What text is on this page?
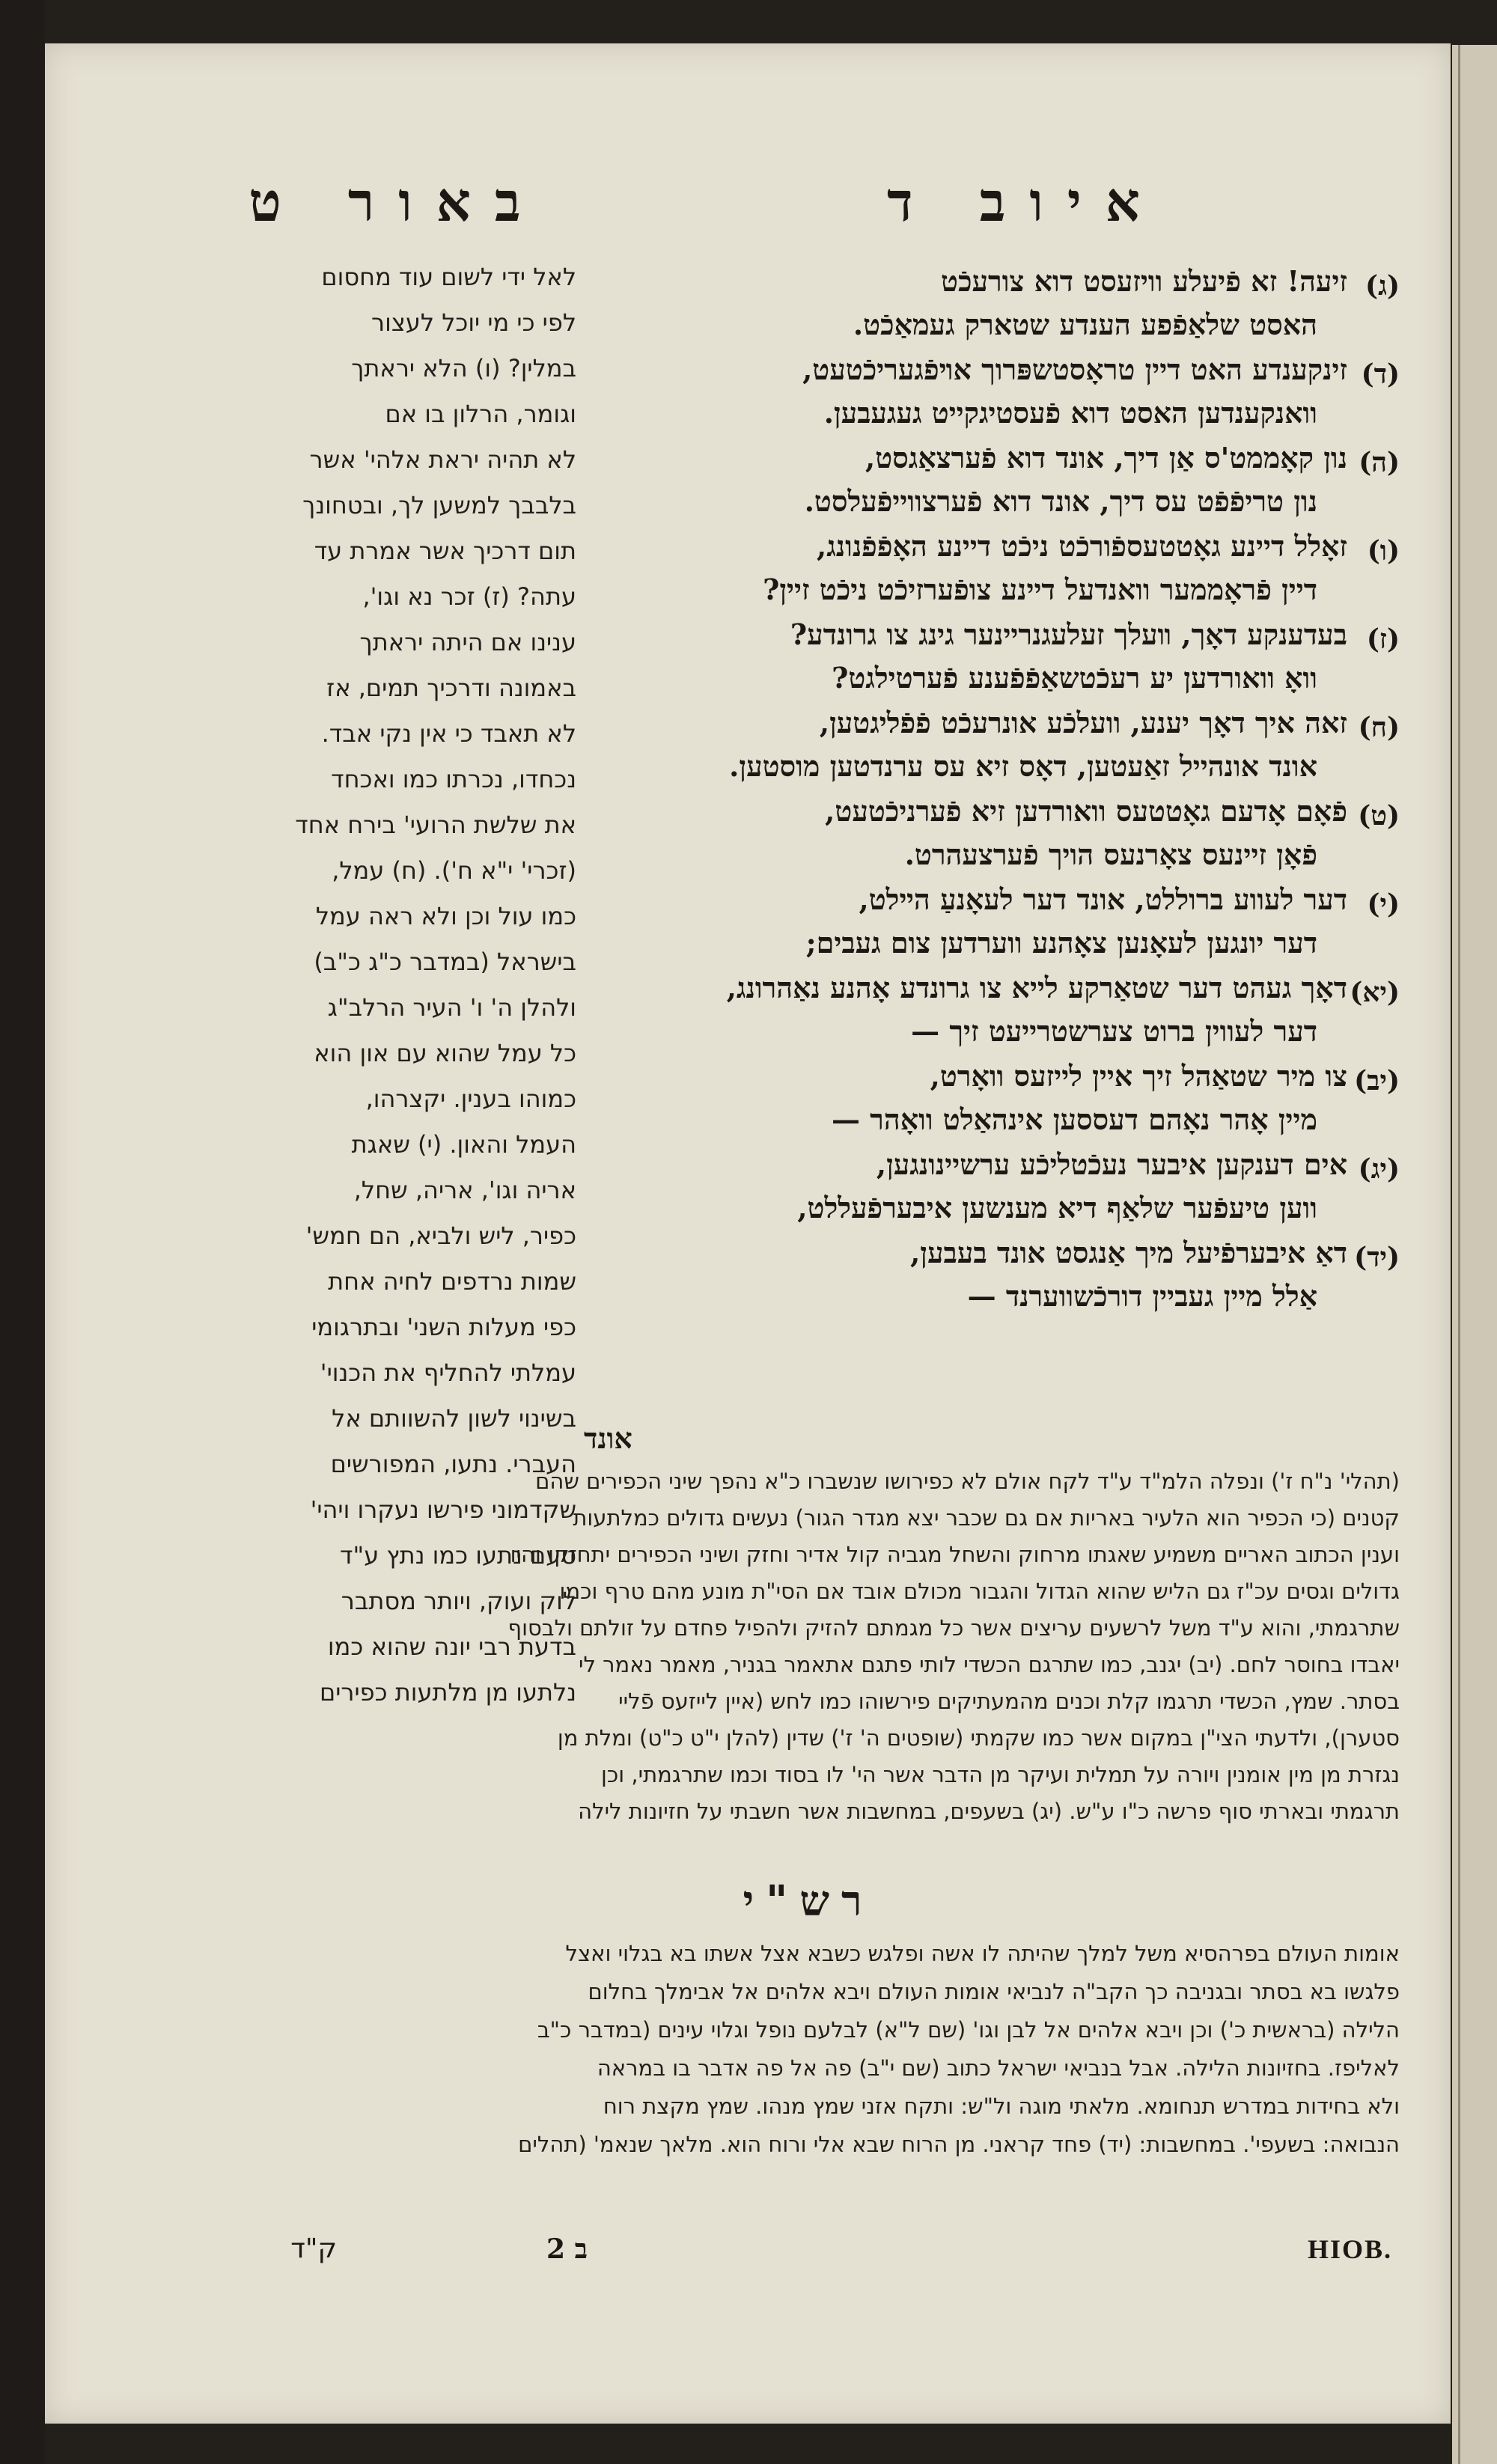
איוב ד
באור ט
(ג)
זיעה! זא פֿיעלע וויזעסט דוא צורעכֿט
האסט שלאַפֿפע הענדע שטארק געמאַכֿט.
(ד)
זינקענדע האט דיין טראָסטשפּרוך אױפֿגעריכֿטעט,
וואנקענדען האסט דוא פֿעסטיגקייט געגעבען.
(ה)
נון קאָממט'ס אַן דיך, אונד דוא פֿערצאַגסט,
נון טריפֿפֿט עס דיך, אונד דוא פֿערצווייפֿעלסט.
(ו)
זאָלל דיינע גאָטטעספֿורכֿט ניכֿט דיינע האָפֿפֿנונג,
דיין פֿראָממער וואנדעל דיינע צופֿערזיכֿט ניכֿט זיין?
(ז)
בעדענקע דאָך, װעלך זעלעגנריינער גינג צו גרונדע?
וואָ וואורדען יע רעכֿטשאַפֿפֿענע פֿערטילגט?
(ח)
זאה איך דאָך יענע, וועלכֿע אונרעכֿט פֿפֿליגטען,
אונד אונהייל זאַעטען, דאָס זיא עס ערנדטען מוסטען.
(ט)
פֿאָם אָדעם גאָטטעס וואורדען זיא פֿערניכֿטעט,
פֿאָן זיינעס צאָרנעס הויך פֿערצעהרט.
(י)
דער לעווע ברוללט, אונד דער לעאָנעַ הײלט,
דער יונגען לעאָנען צאָהנע ווערדען צום געבים;
(יא)
דאָך געהט דער שטאַרקע לייא צו גרונדע אָהנע נאַהרונג,
דער לעווין ברוט צערשטרייעט זיך —
(יב)
צו מיר שטאַהל זיך איין לייזעס וואָרט,
מיין אָהר נאָהם דעססען אינהאַלט וואָהר —
(יג)
אים דענקען איבער נעכֿטליכֿע ערשיינונגען,
ווען טיעפֿער שלאַף דיא מענשען איבערפֿעללט,
(יד)
דאַ איבערפֿיעל מיך אַנגסט אונד בעבען,
אַלל מיין געביין דורכֿשווערנד —
אונד
לאל ידי לשום עוד מחסום
לפי כי מי יוכל לעצור
במלין? (ו) הלא יראתך
וגומר, הרלון בו אם
לא תהיה יראת אלהי' אשר
בלבבך למשען לך, ובטחונך
תום דרכיך אשר אמרת עד
עתה? (ז) זכר נא וגו',
ענינו אם היתה יראתך
באמונה ודרכיך תמים, אז
לא תאבד כי אין נקי אבד.
נכחדו, נכרתו כמו ואכחד
את שלשת הרועי' בירח אחד
(זכרי' י"א ח'). (ח) עמל,
כמו עול וכן ולא ראה עמל
בישראל (במדבר כ"ג כ"ב)
ולהלן ה' ו' העיר הרלב"ג
כל עמל שהוא עם און הוא
כמוהו בענין. יקצרהו,
העמל והאון. (י) שאגת
אריה וגו', אריה, שחל,
כפיר, ליש ולביא, הם חמש'
שמות נרדפים לחיה אחת
כפי מעלות השני' ובתרגומי
עמלתי להחליף את הכנוי'
בשינוי לשון להשוותם אל
העברי. נתעו, המפורשים
שקדמוני פירשו נעקרו ויהי'
טעם נתעו כמו נתץ ע"ד
לוק ועוק, ויותר מסתבר
בדעת רבי יונה שהוא כמו
נלתעו מן מלתעות כפירים
(תהלי' נ"ח ז') ונפלה הלמ"ד ע"ד לקח אולם לא כפירושו שנשברו כ"א נהפך שיני הכפירים שהם
קטנים (כי הכפיר הוא הלעיר באריות אם גם שכבר יצא מגדר הגור) נעשים גדולים כמלתעות
וענין הכתוב האריים משמיע שאגתו מרחוק והשחל מגביה קול אדיר וחזק ושיני הכפירים יתחזקו והיו
גדולים וגסים עכ"ז גם הליש שהוא הגדול והגבור מכולם אובד אם הסי"ת מונע מהם טרף וכמו
שתרגמתי, והוא ע"ד משל לרשעים עריצים אשר כל מגמתם להזיק ולהפיל פחדם על זולתם ולבסוף
יאבדו בחוסר לחם. (יב) יגנב, כמו שתרגם הכשדי לותי פתגם אתאמר בגניר, מאמר נאמר לי
בסתר. שמץ, הכשדי תרגמו קלת וכנים מהמעתיקים פירשוהו כמו לחש (איין לייזעס פֿליי
סטערן), ולדעתי הצי"ן במקום אשר כמו שקמתי (שופטים ה' ז') שדין (להלן י"ט כ"ט) ומלת מן
נגזרת מן מין אומנין ויורה על תמלית ועיקר מן הדבר אשר הי' לו בסוד וכמו שתרגמתי, וכן
תרגמתי ובארתי סוף פרשה כ"ו ע"ש. (יג) בשעפים, במחשבות אשר חשבתי על חזיונות לילה
רש"י
אומות העולם בפרהסיא משל למלך שהיתה לו אשה ופלגש כשבא אצל אשתו בא בגלוי ואצל
פלגשו בא בסתר ובגניבה כך הקב"ה לנביאי אומות העולם ויבא אלהים אל אבימלך בחלום
הלילה (בראשית כ') וכן ויבא אלהים אל לבן וגו' (שם ל"א) לבלעם נופל וגלוי עינים (במדבר כ"ב
לאליפז. בחזיונות הלילה. אבל בנביאי ישראל כתוב (שם י"ב) פה אל פה אדבר בו במראה
ולא בחידות במדרש תנחומא. מלאתי מוגה ול"ש: ותקח אזני שמץ מנהו. שמץ מקצת רוח
הנבואה: בשעפי'. במחשבות: (יד) פחד קראני. מן הרוח שבא אלי ורוח הוא. מלאך שנאמ' (תהלים
ק"ד	ב 2	HIOB.
